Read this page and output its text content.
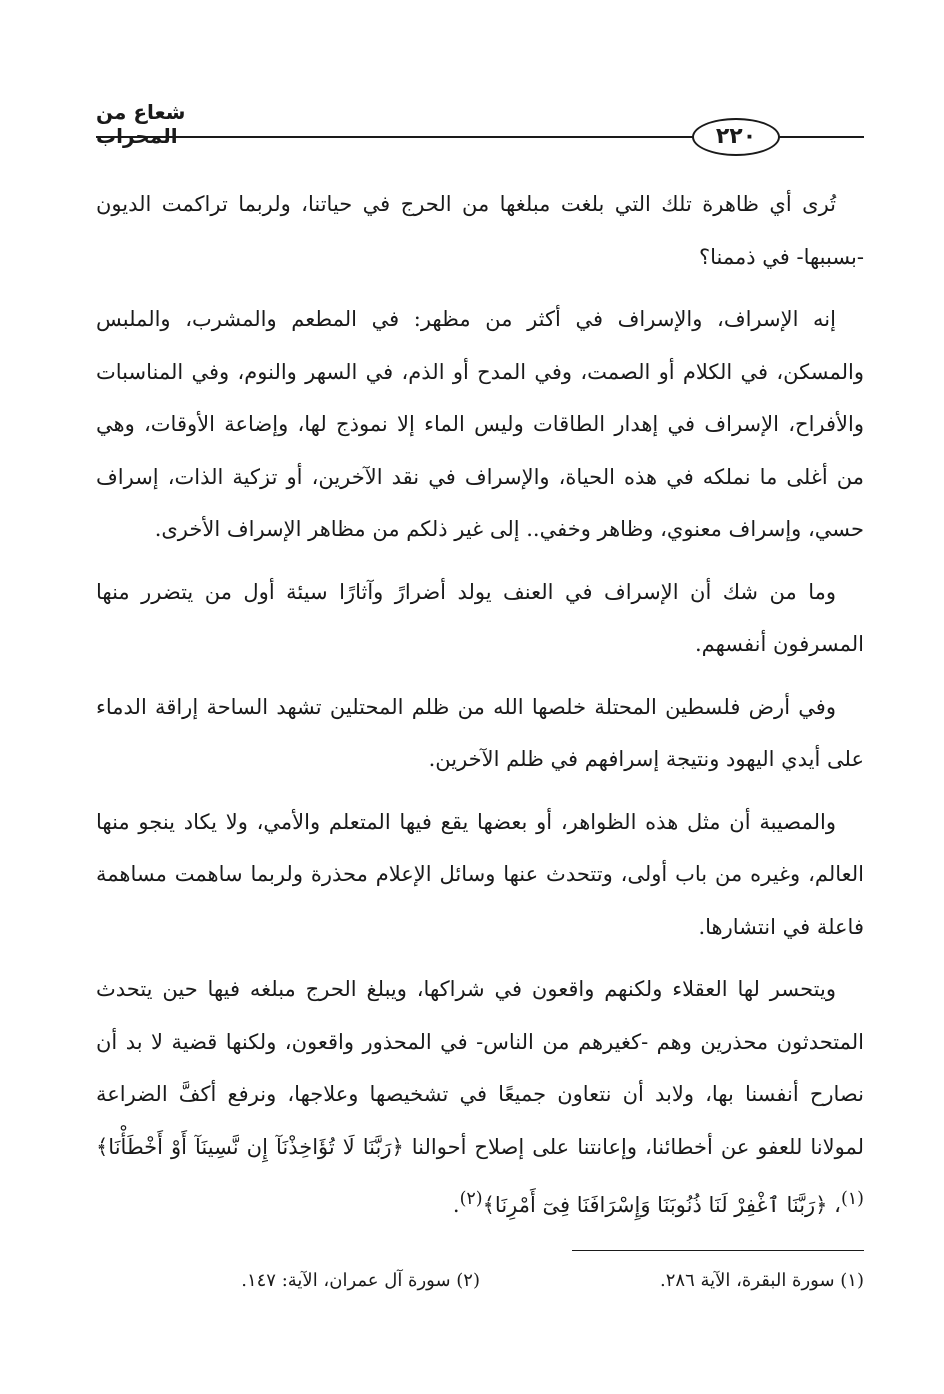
شعاع من المحراب	٢٢٠

تُرى أي ظاهرة تلك التي بلغت مبلغها من الحرج في حياتنا، ولربما تراكمت الديون -بسببها- في ذممنا؟

إنه الإسراف، والإسراف في أكثر من مظهر: في المطعم والمشرب، والملبس والمسكن، في الكلام أو الصمت، وفي المدح أو الذم، في السهر والنوم، وفي المناسبات والأفراح، الإسراف في إهدار الطاقات وليس الماء إلا نموذج لها، وإضاعة الأوقات، وهي من أغلى ما نملكه في هذه الحياة، والإسراف في نقد الآخرين، أو تزكية الذات، إسراف حسي، وإسراف معنوي، وظاهر وخفي.. إلى غير ذلكم من مظاهر الإسراف الأخرى.

وما من شك أن الإسراف في العنف يولد أضرارً وآثارًا سيئة أول من يتضرر منها المسرفون أنفسهم.

وفي أرض فلسطين المحتلة خلصها الله من ظلم المحتلين تشهد الساحة إراقة الدماء على أيدي اليهود ونتيجة إسرافهم في ظلم الآخرين.

والمصيبة أن مثل هذه الظواهر، أو بعضها يقع فيها المتعلم والأمي، ولا يكاد ينجو منها العالم، وغيره من باب أولى، وتتحدث عنها وسائل الإعلام محذرة ولربما ساهمت مساهمة فاعلة في انتشارها.

ويتحسر لها العقلاء ولكنهم واقعون في شراكها، ويبلغ الحرج مبلغه فيها حين يتحدث المتحدثون محذرين وهم -كغيرهم من الناس- في المحذور واقعون، ولكنها قضية لا بد أن نصارح أنفسنا بها، ولابد أن نتعاون جميعًا في تشخيصها وعلاجها، ونرفع أكفَّ الضراعة لمولانا للعفو عن أخطائنا، وإعانتنا على إصلاح أحوالنا ﴿رَبَّنَا لَا تُؤَاخِذْنَآ إِن نَّسِينَآ أَوْ أَخْطَأْنَا﴾$^{(١)}$، ﴿رَبَّنَا ٱغْفِرْ لَنَا ذُنُوبَنَا وَإِسْرَافَنَا فِىٓ أَمْرِنَا﴾$^{(٢)}$.

(١) سورة البقرة، الآية ٢٨٦.
(٢) سورة آل عمران، الآية: ١٤٧.
